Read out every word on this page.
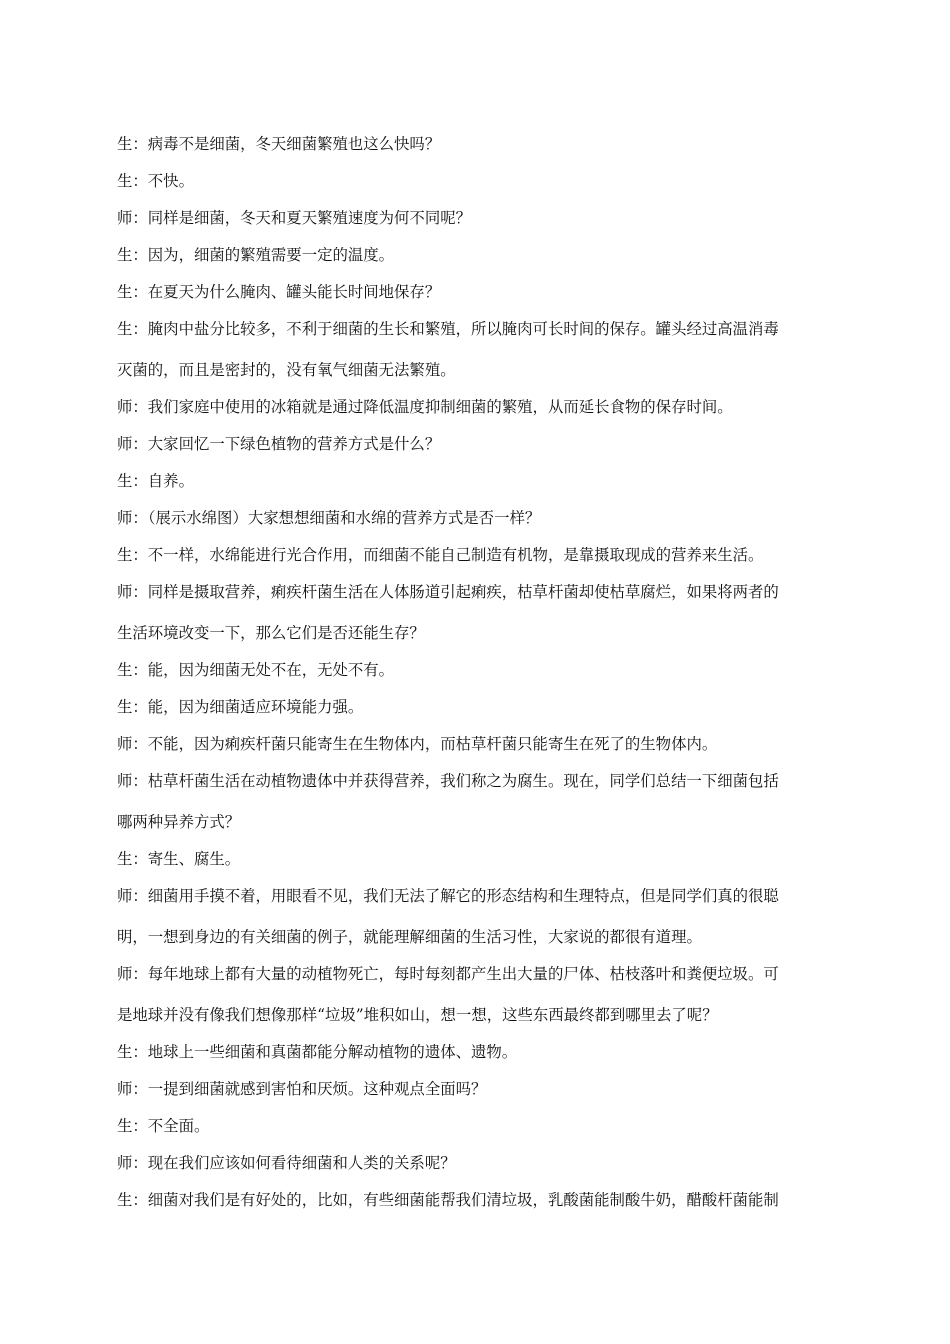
生：病毒不是细菌，冬天细菌繁殖也这么快吗？

生：不快。

师：同样是细菌，冬天和夏天繁殖速度为何不同呢？

生：因为，细菌的繁殖需要一定的温度。

生：在夏天为什么腌肉、罐头能长时间地保存？

生：腌肉中盐分比较多，不利于细菌的生长和繁殖，所以腌肉可长时间的保存。罐头经过高温消毒

灭菌的，而且是密封的，没有氧气细菌无法繁殖。

师：我们家庭中使用的冰箱就是通过降低温度抑制细菌的繁殖，从而延长食物的保存时间。

师：大家回忆一下绿色植物的营养方式是什么？

生：自养。

师：（展示水绵图）大家想想细菌和水绵的营养方式是否一样？

生：不一样，水绵能进行光合作用，而细菌不能自己制造有机物，是靠摄取现成的营养来生活。

师：同样是摄取营养，痢疾杆菌生活在人体肠道引起痢疾，枯草杆菌却使枯草腐烂，如果将两者的

生活环境改变一下，那么它们是否还能生存？

生：能，因为细菌无处不在，无处不有。

生：能，因为细菌适应环境能力强。

师：不能，因为痢疾杆菌只能寄生在生物体内，而枯草杆菌只能寄生在死了的生物体内。

师：枯草杆菌生活在动植物遗体中并获得营养，我们称之为腐生。现在，同学们总结一下细菌包括

哪两种异养方式？

生：寄生、腐生。

师：细菌用手摸不着，用眼看不见，我们无法了解它的形态结构和生理特点，但是同学们真的很聪

明，一想到身边的有关细菌的例子，就能理解细菌的生活习性，大家说的都很有道理。

师：每年地球上都有大量的动植物死亡，每时每刻都产生出大量的尸体、枯枝落叶和粪便垃圾。可

是地球并没有像我们想像那样“垃圾”堆积如山，想一想，这些东西最终都到哪里去了呢？

生：地球上一些细菌和真菌都能分解动植物的遗体、遗物。

师：一提到细菌就感到害怕和厌烦。这种观点全面吗？

生：不全面。

师：现在我们应该如何看待细菌和人类的关系呢？

生：细菌对我们是有好处的，比如，有些细菌能帮我们清垃圾，乳酸菌能制酸牛奶，醋酸杆菌能制
